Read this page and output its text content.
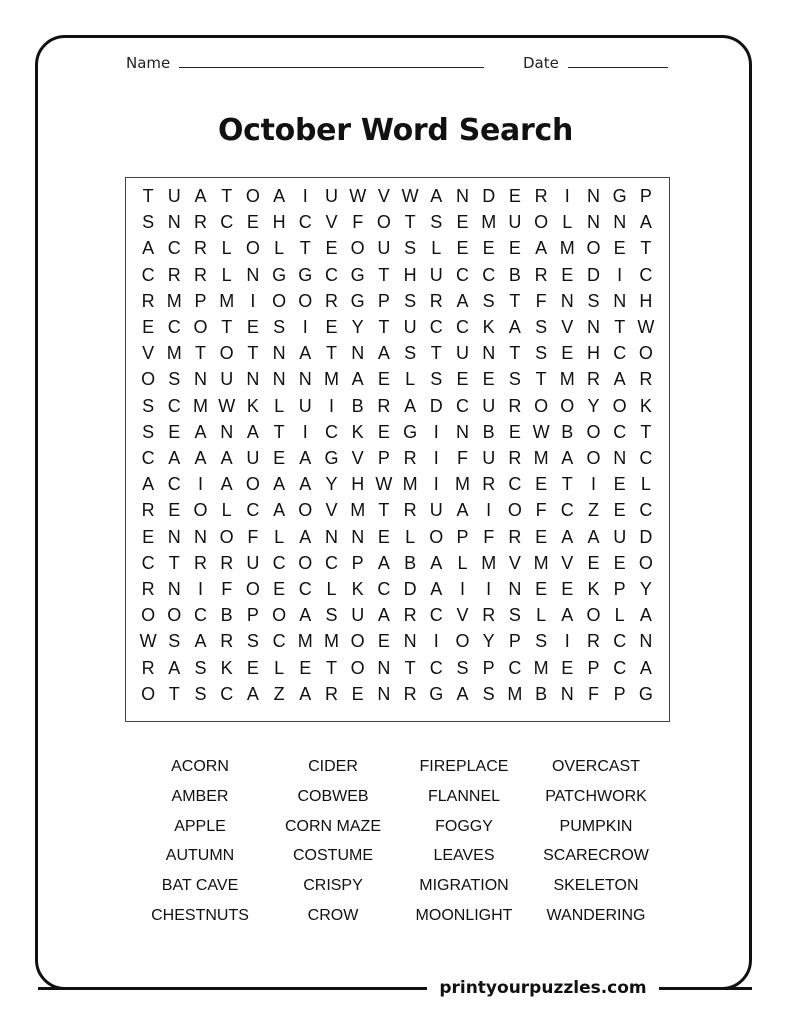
Name	Date
October Word Search
T U A T O A I U W V W A N D E R I N G P
S N R C E H C V F O T S E M U O L N N A
A C R L O L T E O U S L E E E A M O E T
C R R L N G G C G T H U C C B R E D I C
R M P M I O O R G P S R A S T F N S N H
E C O T E S I E Y T U C C K A S V N T W
V M T O T N A T N A S T U N T S E H C O
O S N U N N N M A E L S E E S T M R A R
S C M W K L U I B R A D C U R O O Y O K
S E A N A T	I C K E G I N B E W B O C T
C A A A U E A G V P R I	F U R M A O N C
A C I A O A A Y H W M I M R C E T	I E L
R E O L C A O V M T R U A I O F C Z E C
E N N O F L A N N E L O P F R E A A U D
C T R R U C O C P A B A L M V M V E E O
R N I	F O E C L K C D A I	I N E E K P Y
O O C B P O A S U A R C V R S L A O L A
W S A R S C M M O E N I O Y P S I R C N
R A S K E L E T O N T C S P C M E P C A
O T S C A Z A R E N R G A S M B N F P G
ACORN
AMBER
APPLE
AUTUMN
BAT CAVE
CHESTNUTS
CIDER
COBWEB
CORN MAZE
COSTUME
CRISPY
CROW
FIREPLACE
FLANNEL
FOGGY
LEAVES
MIGRATION
MOONLIGHT
OVERCAST
PATCHWORK
PUMPKIN
SCARECROW
SKELETON
WANDERING
printyourpuzzles.com
